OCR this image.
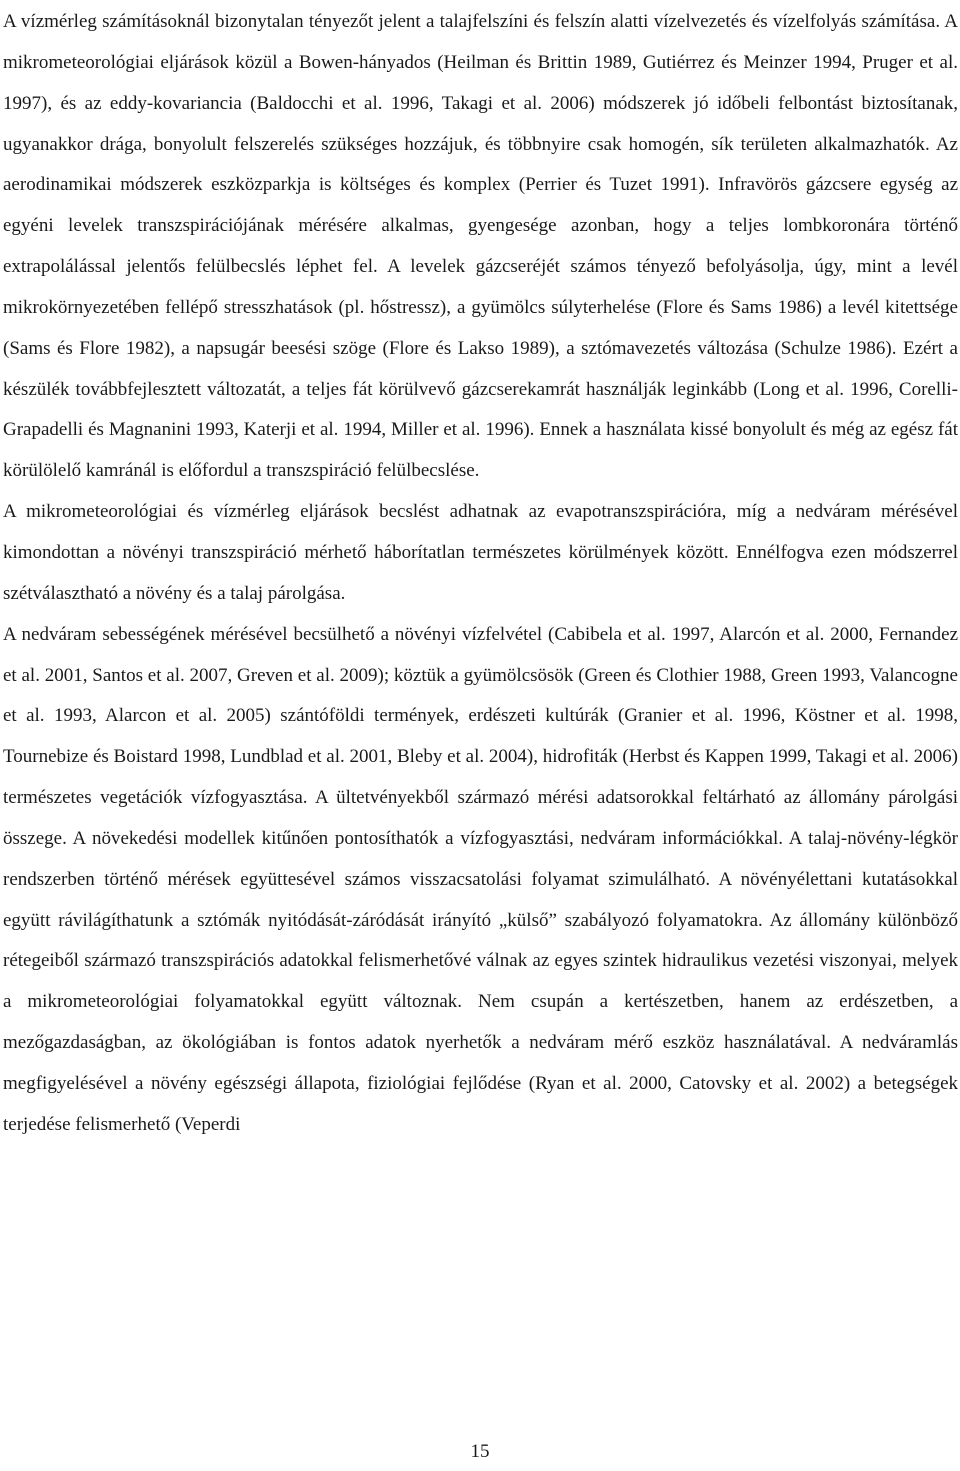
A vízmérleg számításoknál bizonytalan tényezőt jelent a talajfelszíni és felszín alatti vízelvezetés és vízelfolyás számítása. A mikrometeorológiai eljárások közül a Bowen-hányados (Heilman és Brittin 1989, Gutiérrez és Meinzer 1994, Pruger et al. 1997), és az eddy-kovariancia (Baldocchi et al. 1996, Takagi et al. 2006) módszerek jó időbeli felbontást biztosítanak, ugyanakkor drága, bonyolult felszerelés szükséges hozzájuk, és többnyire csak homogén, sík területen alkalmazhatók. Az aerodinamikai módszerek eszközparkja is költséges és komplex (Perrier és Tuzet 1991). Infravörös gázcsere egység az egyéni levelek transzspirációjának mérésére alkalmas, gyengesége azonban, hogy a teljes lombkoronára történő extrapolálással jelentős felülbecslés léphet fel. A levelek gázcseréjét számos tényező befolyásolja, úgy, mint a levél mikrokörnyezetében fellépő stresszhatások (pl. hőstressz), a gyümölcs súlyterhelése (Flore és Sams 1986) a levél kitettsége (Sams és Flore 1982), a napsugár beesési szöge (Flore és Lakso 1989), a sztómavezetés változása (Schulze 1986). Ezért a készülék továbbfejlesztett változatát, a teljes fát körülvevő gázcserekamrát használják leginkább (Long et al. 1996, Corelli-Grapadelli és Magnanini 1993, Katerji et al. 1994, Miller et al. 1996). Ennek a használata kissé bonyolult és még az egész fát körülölelő kamránál is előfordul a transzspiráció felülbecslése.

A mikrometeorológiai és vízmérleg eljárások becslést adhatnak az evapotranszspirációra, míg a nedváram mérésével kimondottan a növényi transzspiráció mérhető háborítatlan természetes körülmények között. Ennélfogva ezen módszerrel szétválasztható a növény és a talaj párolgása.

A nedváram sebességének mérésével becsülhető a növényi vízfelvétel (Cabibela et al. 1997, Alarcón et al. 2000, Fernandez et al. 2001, Santos et al. 2007, Greven et al. 2009); köztük a gyümölcsösök (Green és Clothier 1988, Green 1993, Valancogne et al. 1993, Alarcon et al. 2005) szántóföldi termények, erdészeti kultúrák (Granier et al. 1996, Köstner et al. 1998, Tournebize és Boistard 1998, Lundblad et al. 2001, Bleby et al. 2004), hidrofiták (Herbst és Kappen 1999, Takagi et al. 2006) természetes vegetációk vízfogyasztása. A ültetvényekből származó mérési adatsorokkal feltárható az állomány párolgási összege. A növekedési modellek kitűnően pontosíthatók a vízfogyasztási, nedváram információkkal. A talaj-növény-légkör rendszerben történő mérések együttesével számos visszacsatolási folyamat szimulálható. A növényélettani kutatásokkal együtt rávilágíthatunk a sztómák nyitódását-záródását irányító „külső” szabályozó folyamatokra. Az állomány különböző rétegeiből származó transzspirációs adatokkal felismerhetővé válnak az egyes szintek hidraulikus vezetési viszonyai, melyek a mikrometeorológiai folyamatokkal együtt változnak. Nem csupán a kertészetben, hanem az erdészetben, a mezőgazdaságban, az ökológiában is fontos adatok nyerhetők a nedváram mérő eszköz használatával. A nedváramlás megfigyelésével a növény egészségi állapota, fiziológiai fejlődése (Ryan et al. 2000, Catovsky et al. 2002) a betegségek terjedése felismerhető (Veperdi

15
